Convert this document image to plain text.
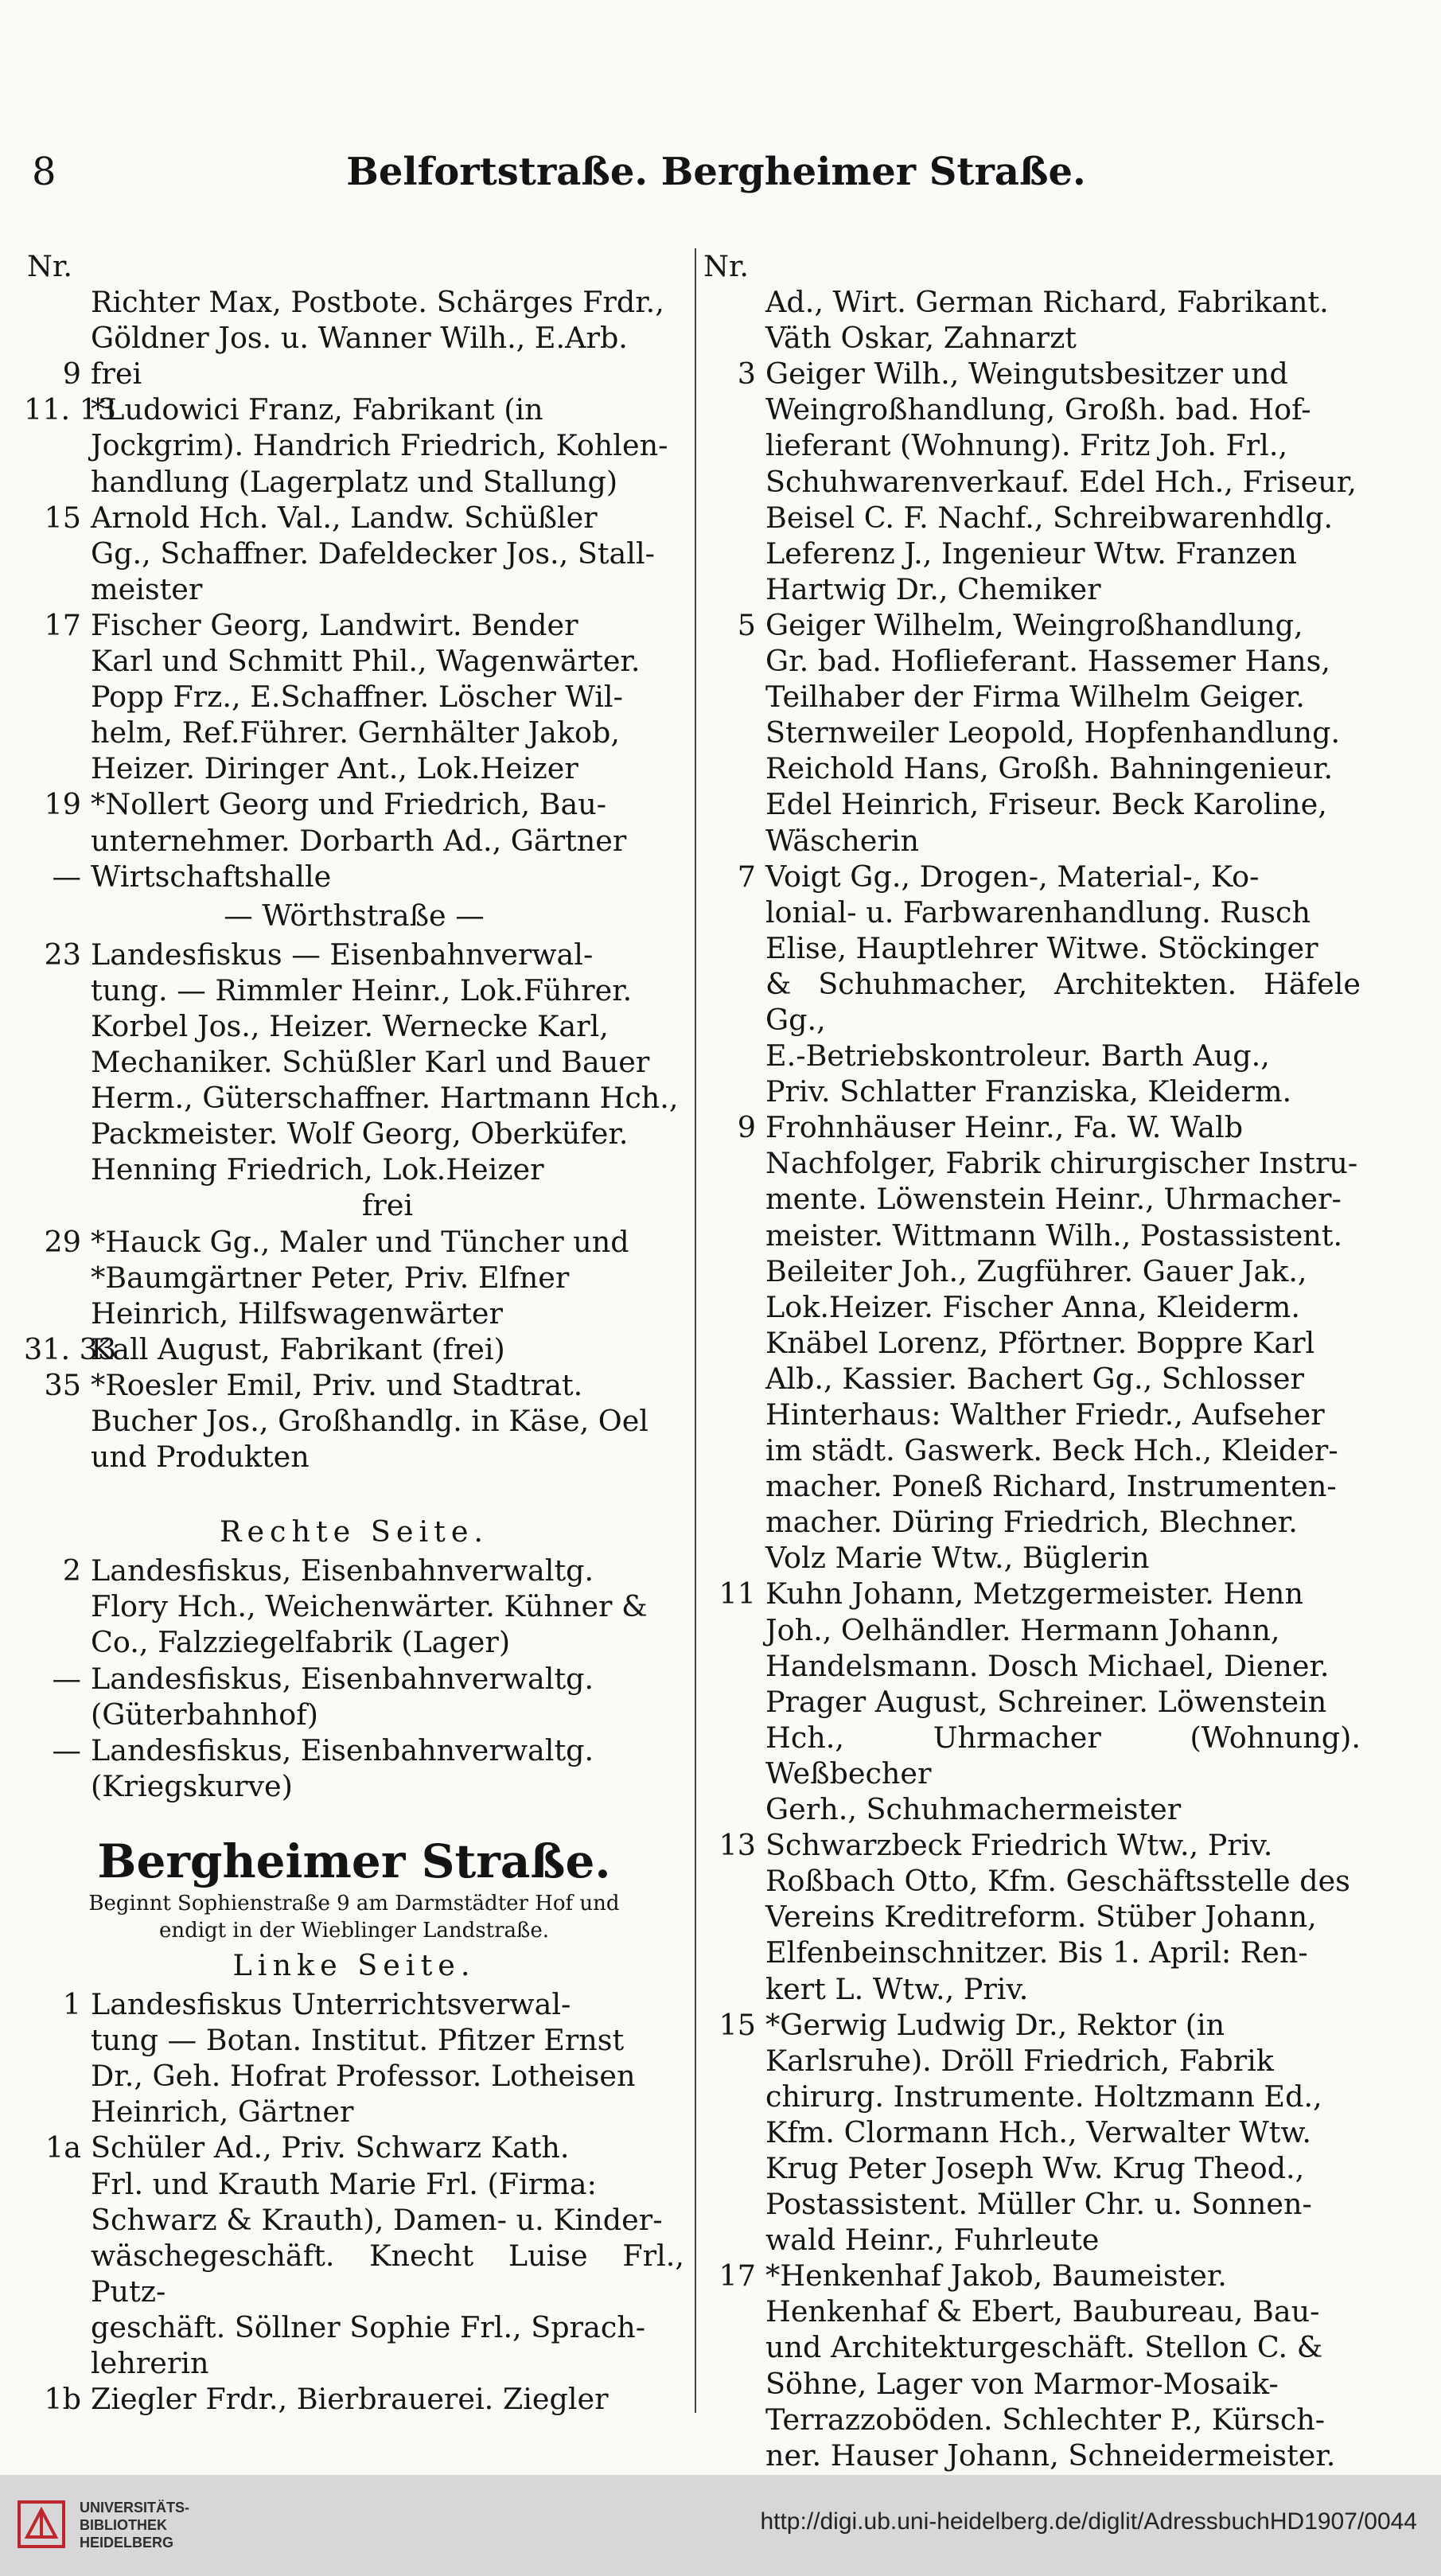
8	Belfortstraße. Bergheimer Straße.
Nr.
Richter Max, Postbote. Schärges Frdr.,
Göldner Jos. u. Wanner Wilh., E.Arb.
9 frei
11. 13
*Ludowici Franz, Fabrikant (in
Jockgrim). Handrich Friedrich, Kohlen-
handlung (Lagerplatz und Stallung)
15 Arnold Hch. Val., Landw. Schüßler
Gg., Schaffner. Dafeldecker Jos., Stall-
meister
17 Fischer Georg, Landwirt. Bender
Karl und Schmitt Phil., Wagenwärter.
Popp Frz., E.Schaffner. Löscher Wil-
helm, Ref.Führer. Gernhälter Jakob,
Heizer. Diringer Ant., Lok.Heizer
19 *Nollert Georg und Friedrich, Bau-
unternehmer. Dorbarth Ad., Gärtner
— Wirtschaftshalle
— Wörthstraße —
23 Landesfiskus — Eisenbahnverwal-
tung. — Rimmler Heinr., Lok.Führer.
Korbel Jos., Heizer. Wernecke Karl,
Mechaniker. Schüßler Karl und Bauer
Herm., Güterschaffner. Hartmann Hch.,
Packmeister. Wolf Georg, Oberküfer.
Henning Friedrich, Lok.Heizer
frei
29 *Hauck Gg., Maler und Tüncher und
*Baumgärtner Peter, Priv. Elfner
Heinrich, Hilfswagenwärter
31. 33
Kall August, Fabrikant (frei)
35 *Roesler Emil, Priv. und Stadtrat.
Bucher Jos., Großhandlg. in Käse, Oel
und Produkten
Rechte Seite.
2 Landesfiskus, Eisenbahnverwaltg.
Flory Hch., Weichenwärter. Kühner &
Co., Falzziegelfabrik (Lager)
— Landesfiskus, Eisenbahnverwaltg.
(Güterbahnhof)
— Landesfiskus, Eisenbahnverwaltg.
(Kriegskurve)
Bergheimer Straße.
Beginnt Sophienstraße 9 am Darmstädter Hof und
endigt in der Wieblinger Landstraße.
Linke Seite.
1 Landesfiskus Unterrichtsverwal-
tung — Botan. Institut. Pfitzer Ernst
Dr., Geh. Hofrat Professor. Lotheisen
Heinrich, Gärtner
1a Schüler Ad., Priv. Schwarz Kath.
Frl. und Krauth Marie Frl. (Firma:
Schwarz & Krauth), Damen- u. Kinder-
wäschegeschäft. Knecht Luise Frl., Putz-
geschäft. Söllner Sophie Frl., Sprach-
lehrerin
1b Ziegler Frdr., Bierbrauerei. Ziegler
Nr.
Ad., Wirt. German Richard, Fabrikant.
Väth Oskar, Zahnarzt
3 Geiger Wilh., Weingutsbesitzer und
Weingroßhandlung, Großh. bad. Hof-
lieferant (Wohnung). Fritz Joh. Frl.,
Schuhwarenverkauf. Edel Hch., Friseur,
Beisel C. F. Nachf., Schreibwarenhdlg.
Leferenz J., Ingenieur Wtw. Franzen
Hartwig Dr., Chemiker
5 Geiger Wilhelm, Weingroßhandlung,
Gr. bad. Hoflieferant. Hassemer Hans,
Teilhaber der Firma Wilhelm Geiger.
Sternweiler Leopold, Hopfenhandlung.
Reichold Hans, Großh. Bahningenieur.
Edel Heinrich, Friseur. Beck Karoline,
Wäscherin
7 Voigt Gg., Drogen-, Material-, Ko-
lonial- u. Farbwarenhandlung. Rusch
Elise, Hauptlehrer Witwe. Stöckinger
& Schuhmacher, Architekten. Häfele Gg.,
E.-Betriebskontroleur. Barth Aug.,
Priv. Schlatter Franziska, Kleiderm.
9 Frohnhäuser Heinr., Fa. W. Walb
Nachfolger, Fabrik chirurgischer Instru-
mente. Löwenstein Heinr., Uhrmacher-
meister. Wittmann Wilh., Postassistent.
Beileiter Joh., Zugführer. Gauer Jak.,
Lok.Heizer. Fischer Anna, Kleiderm.
Knäbel Lorenz, Pförtner. Boppre Karl
Alb., Kassier. Bachert Gg., Schlosser
Hinterhaus: Walther Friedr., Aufseher
im städt. Gaswerk. Beck Hch., Kleider-
macher. Poneß Richard, Instrumenten-
macher. Düring Friedrich, Blechner.
Volz Marie Wtw., Büglerin
11 Kuhn Johann, Metzgermeister. Henn
Joh., Oelhändler. Hermann Johann,
Handelsmann. Dosch Michael, Diener.
Prager August, Schreiner. Löwenstein
Hch., Uhrmacher (Wohnung). Weßbecher
Gerh., Schuhmachermeister
13 Schwarzbeck Friedrich Wtw., Priv.
Roßbach Otto, Kfm. Geschäftsstelle des
Vereins Kreditreform. Stüber Johann,
Elfenbeinschnitzer. Bis 1. April: Ren-
kert L. Wtw., Priv.
15 *Gerwig Ludwig Dr., Rektor (in
Karlsruhe). Dröll Friedrich, Fabrik
chirurg. Instrumente. Holtzmann Ed.,
Kfm. Clormann Hch., Verwalter Wtw.
Krug Peter Joseph Ww. Krug Theod.,
Postassistent. Müller Chr. u. Sonnen-
wald Heinr., Fuhrleute
17 *Henkenhaf Jakob, Baumeister.
Henkenhaf & Ebert, Baubureau, Bau-
und Architekturgeschäft. Stellon C. &
Söhne, Lager von Marmor-Mosaik-
Terrazzoböden. Schlechter P., Kürsch-
ner. Hauser Johann, Schneidermeister.
UNIVERSITÄTS-
BIBLIOTHEK
HEIDELBERG
http://digi.ub.uni-heidelberg.de/diglit/AdressbuchHD1907/0044
